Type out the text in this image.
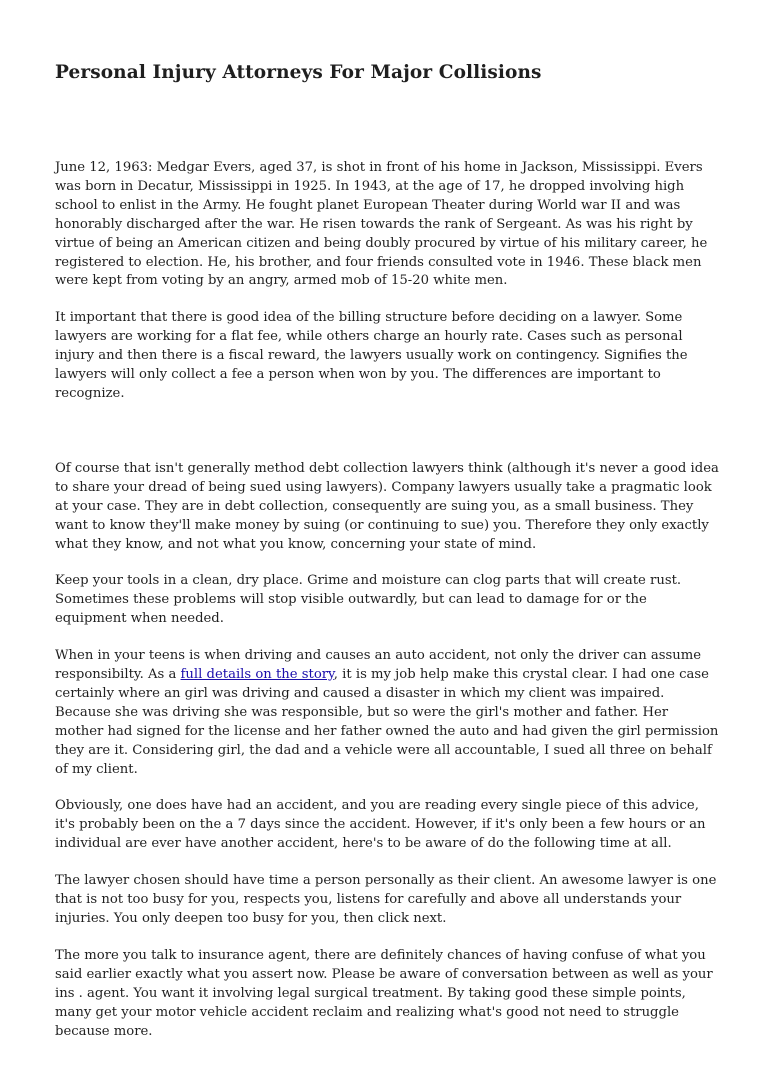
Personal Injury Attorneys For Major Collisions

June 12, 1963: Medgar Evers, aged 37, is shot in front of his home in Jackson, Mississippi. Evers was born in Decatur, Mississippi in 1925. In 1943, at the age of 17, he dropped involving high school to enlist in the Army. He fought planet European Theater during World war II and was honorably discharged after the war. He risen towards the rank of Sergeant. As was his right by virtue of being an American citizen and being doubly procured by virtue of his military career, he registered to election. He, his brother, and four friends consulted vote in 1946. These black men were kept from voting by an angry, armed mob of 15-20 white men.

It important that there is good idea of the billing structure before deciding on a lawyer. Some lawyers are working for a flat fee, while others charge an hourly rate. Cases such as personal injury and then there is a fiscal reward, the lawyers usually work on contingency. Signifies the lawyers will only collect a fee a person when won by you. The differences are important to recognize.

Of course that isn't generally method debt collection lawyers think (although it's never a good idea to share your dread of being sued using lawyers). Company lawyers usually take a pragmatic look at your case. They are in debt collection, consequently are suing you, as a small business. They want to know they'll make money by suing (or continuing to sue) you. Therefore they only exactly what they know, and not what you know, concerning your state of mind.

Keep your tools in a clean, dry place. Grime and moisture can clog parts that will create rust. Sometimes these problems will stop visible outwardly, but can lead to damage for or the equipment when needed.

When in your teens is when driving and causes an auto accident, not only the driver can assume responsibilty. As a full details on the story, it is my job help make this crystal clear. I had one case certainly where an girl was driving and caused a disaster in which my client was impaired. Because she was driving she was responsible, but so were the girl's mother and father. Her mother had signed for the license and her father owned the auto and had given the girl permission they are it. Considering girl, the dad and a vehicle were all accountable, I sued all three on behalf of my client.

Obviously, one does have had an accident, and you are reading every single piece of this advice, it's probably been on the a 7 days since the accident. However, if it's only been a few hours or an individual are ever have another accident, here's to be aware of do the following time at all.

The lawyer chosen should have time a person personally as their client. An awesome lawyer is one that is not too busy for you, respects you, listens for carefully and above all understands your injuries. You only deepen too busy for you, then click next.

The more you talk to insurance agent, there are definitely chances of having confuse of what you said earlier exactly what you assert now. Please be aware of conversation between as well as your ins . agent. You want it involving legal surgical treatment. By taking good these simple points, many get your motor vehicle accident reclaim and realizing what's good not need to struggle because more.
